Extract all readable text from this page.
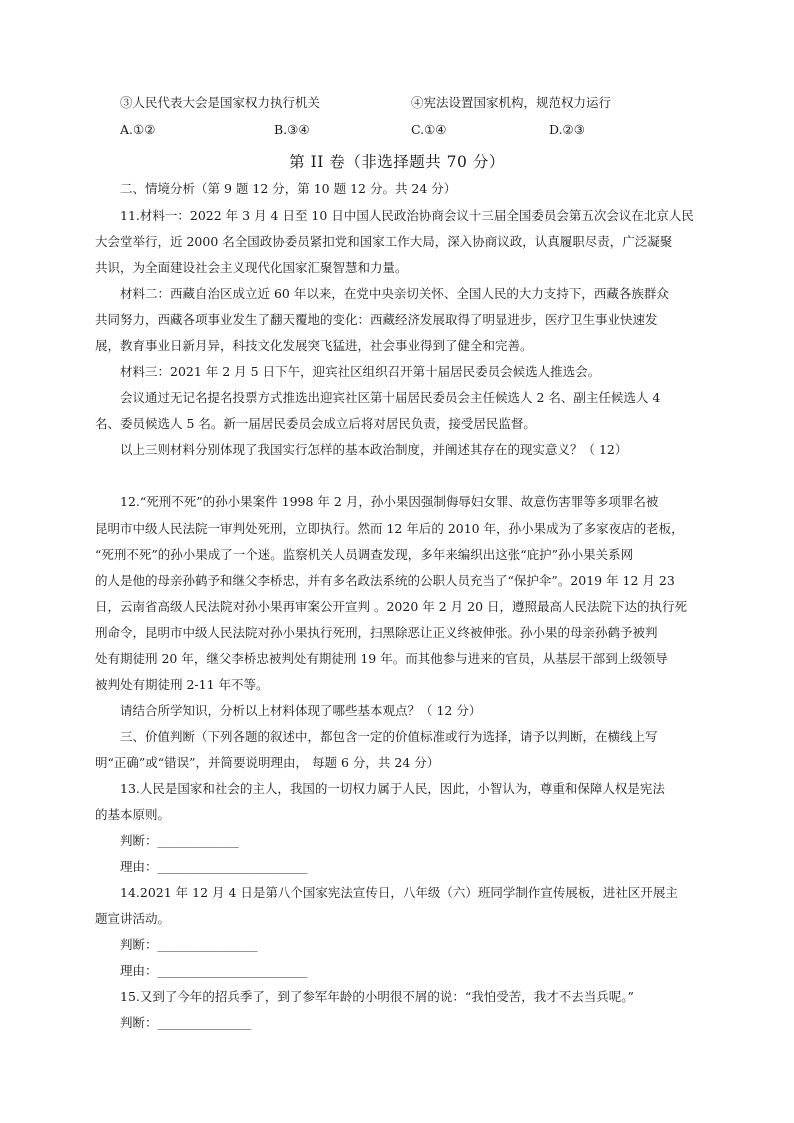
③人民代表大会是国家权力执行机关	④宪法设置国家机构，规范权力运行
A.①②	B.③④	C.①④	D.②③
第 II 卷（非选择题共 70 分）
二、情境分析（第 9 题 12 分，第 10 题 12 分。共 24 分）
11.材料一：2022 年 3 月 4 日至 10 日中国人民政治协商会议十三届全国委员会第五次会议在北京人民
大会堂举行，近 2000 名全国政协委员紧扣党和国家工作大局，深入协商议政，认真履职尽责，广泛凝聚
共识，为全面建设社会主义现代化国家汇聚智慧和力量。
材料二：西藏自治区成立近 60 年以来，在党中央亲切关怀、全国人民的大力支持下，西藏各族群众
共同努力，西藏各项事业发生了翻天覆地的变化：西藏经济发展取得了明显进步，医疗卫生事业快速发
展，教育事业日新月异，科技文化发展突飞猛进，社会事业得到了健全和完善。
材料三：2021 年 2 月 5 日下午，迎宾社区组织召开第十届居民委员会候选人推选会。
会议通过无记名提名投票方式推选出迎宾社区第十届居民委员会主任候选人 2 名、副主任候选人 4
名、委员候选人 5 名。新一届居民委员会成立后将对居民负责，接受居民监督。
以上三则材料分别体现了我国实行怎样的基本政治制度，并阐述其存在的现实意义？（ 12）
12.“死刑不死”的孙小果案件 1998 年 2 月，孙小果因强制侮辱妇女罪、故意伤害罪等多项罪名被
昆明市中级人民法院一审判处死刑，立即执行。然而 12 年后的 2010 年，孙小果成为了多家夜店的老板，
“死刑不死”的孙小果成了一个迷。监察机关人员调查发现，多年来编织出这张“庇护”孙小果关系网
的人是他的母亲孙鹤予和继父李桥忠，并有多名政法系统的公职人员充当了“保护伞”。2019 年 12 月 23
日，云南省高级人民法院对孙小果再审案公开宣判 。2020 年 2 月 20 日，遵照最高人民法院下达的执行死
刑命令，昆明市中级人民法院对孙小果执行死刑，扫黑除恶让正义终被伸张。孙小果的母亲孙鹤予被判
处有期徒刑 20 年，继父李桥忠被判处有期徒刑 19 年。而其他参与进来的官员，从基层干部到上级领导
被判处有期徒刑 2-11 年不等。
请结合所学知识，分析以上材料体现了哪些基本观点？（ 12 分）
三、价值判断（下列各题的叙述中，都包含一定的价值标准或行为选择，请予以判断，在横线上写
明“正确”或“错误”，并简要说明理由， 每题 6 分，共 24 分）
13.人民是国家和社会的主人，我国的一切权力属于人民，因此，小智认为，尊重和保障人权是宪法
的基本原则。
判断：_____________
理由：________________________
14.2021 年 12 月 4 日是第八个国家宪法宣传日，八年级（六）班同学制作宣传展板，进社区开展主
题宣讲活动。
判断：________________
理由：________________________
15.又到了今年的招兵季了，到了参军年龄的小明很不屑的说：“我怕受苦，我才不去当兵呢。”
判断：_______________
